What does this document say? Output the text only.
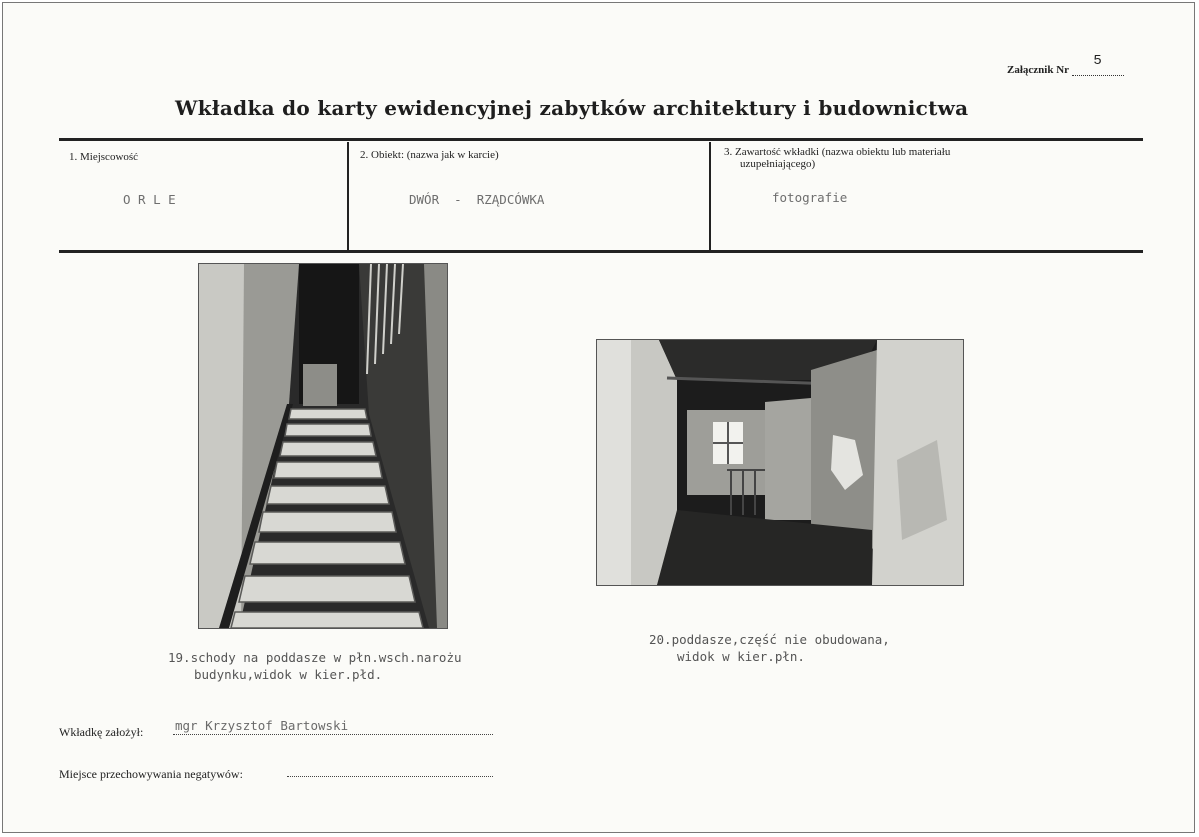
Załącznik Nr
5
Wkładka do karty ewidencyjnej zabytków architektury i budownictwa
1. Miejscowość
O R L E
2. Obiekt: (nazwa jak w karcie)
DWÓR  -  RZĄDCÓWKA
3. Zawartość wkładki (nazwa obiektu lub materiału
uzupełniającego)
fotografie
19.schody na poddasze w płn.wsch.narożu
budynku,widok w kier.płd.
20.poddasze,część nie obudowana,
widok w kier.płn.
Wkładkę założył:	mgr Krzysztof Bartowski
Miejsce przechowywania negatywów:
